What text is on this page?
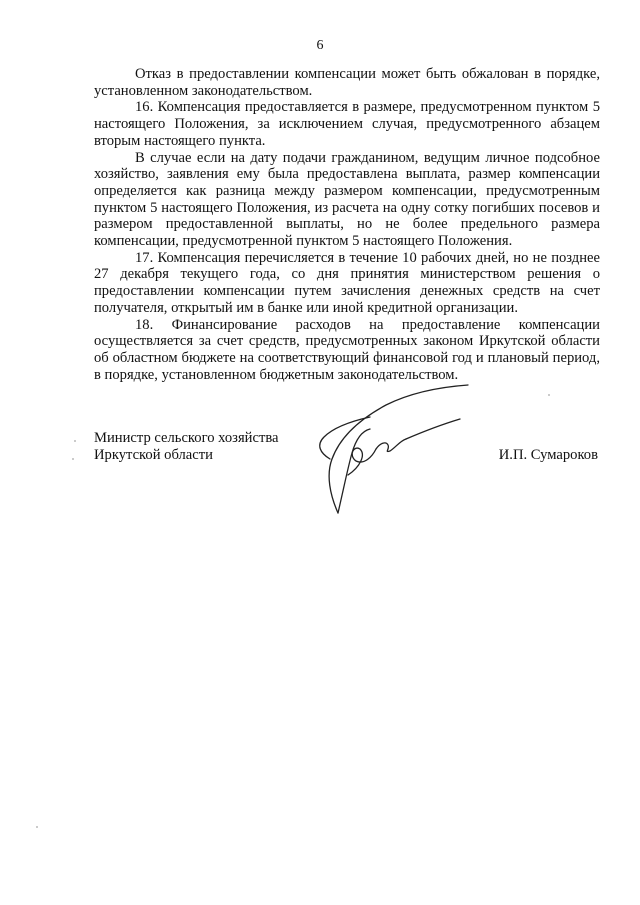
6

Отказ в предоставлении компенсации может быть обжалован в порядке, установленном законодательством.

16. Компенсация предоставляется в размере, предусмотренном пунктом 5 настоящего Положения, за исключением случая, предусмотренного абзацем вторым настоящего пункта.

В случае если на дату подачи гражданином, ведущим личное подсобное хозяйство, заявления ему была предоставлена выплата, размер компенсации определяется как разница между размером компенсации, предусмотренным пунктом 5 настоящего Положения, из расчета на одну сотку погибших посевов и размером предоставленной выплаты, но не более предельного размера компенсации, предусмотренной пунктом 5 настоящего Положения.

17. Компенсация перечисляется в течение 10 рабочих дней, но не позднее 27 декабря текущего года, со дня принятия министерством решения о предоставлении компенсации путем зачисления денежных средств на счет получателя, открытый им в банке или иной кредитной организации.

18. Финансирование расходов на предоставление компенсации осуществляется за счет средств, предусмотренных законом Иркутской области об областном бюджете на соответствующий финансовой год и плановый период, в порядке, установленном бюджетным законодательством.

Министр сельского хозяйства
Иркутской области	И.П. Сумароков
